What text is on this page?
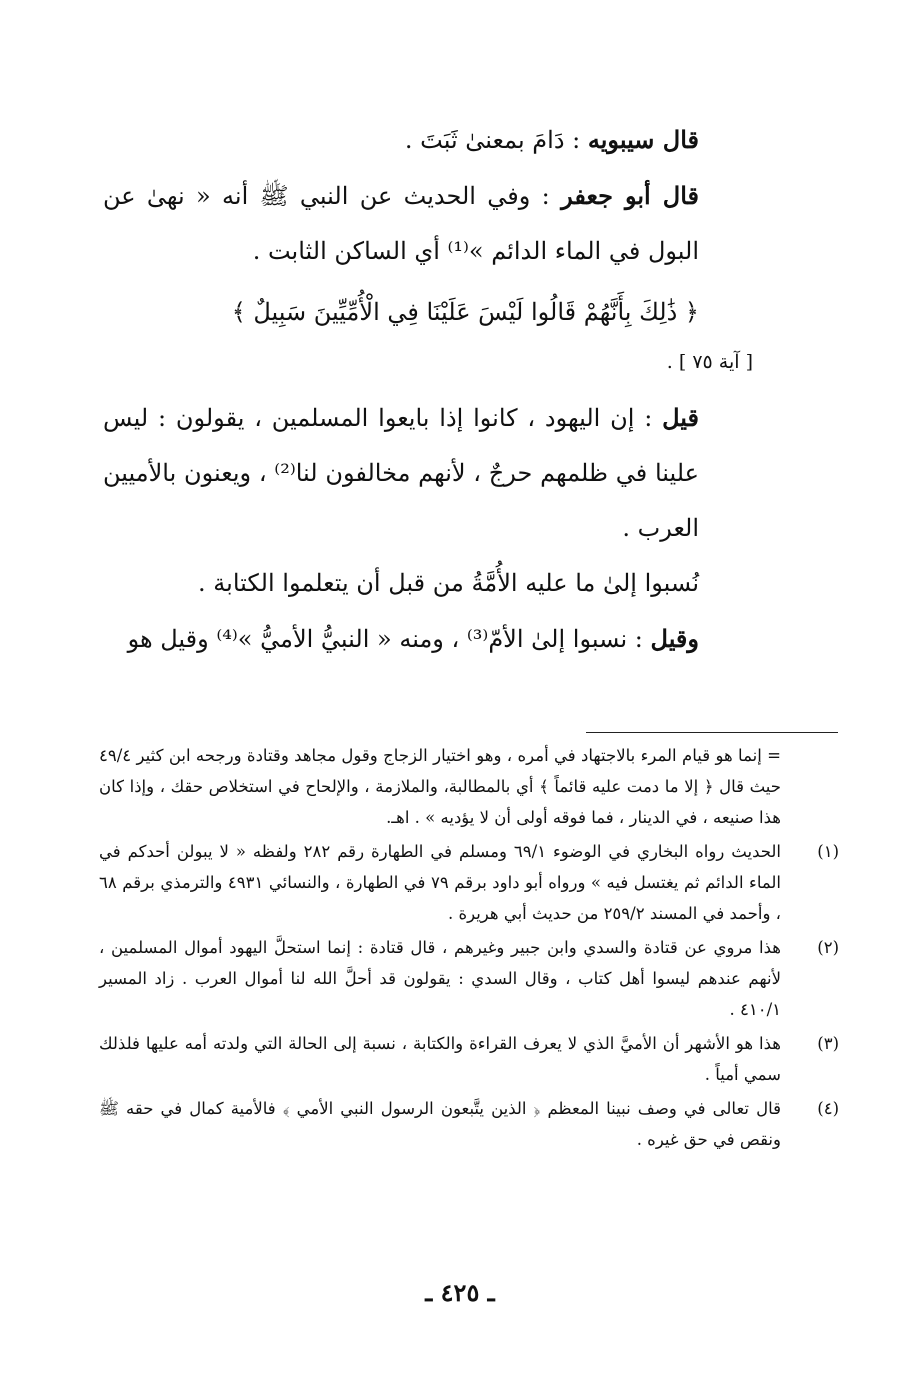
قال سيبويه : دَامَ بمعنىٰ ثَبَتَ .

قال أبو جعفر : وفي الحديث عن النبي ﷺ أنه « نهىٰ عن البول في الماء الدائم »⁽¹⁾ أي الساكن الثابت .

﴿ ذَٰلِكَ بِأَنَّهُمْ قَالُوا لَيْسَ عَلَيْنَا فِي الْأُمِّيِّينَ سَبِيلٌ ﴾

[ آية ٧٥ ] .

قيل : إن اليهود ، كانوا إذا بايعوا المسلمين ، يقولون : ليس علينا في ظلمهم حرجٌ ، لأنهم مخالفون لنا⁽²⁾ ، ويعنون بالأميين العرب .

نُسبوا إلىٰ ما عليه الأُمَّةُ من قبل أن يتعلموا الكتابة .

وقيل : نسبوا إلىٰ الأمّ⁽³⁾ ، ومنه « النبيُّ الأميُّ »⁽⁴⁾ وقيل هو

= إنما هو قيام المرء بالاجتهاد في أمره ، وهو اختيار الزجاج وقول مجاهد وقتادة ورجحه ابن كثير ٤٩/٤ حيث قال ﴿ إلا ما دمت عليه قائماً ﴾ أي بالمطالبة، والملازمة ، والإلحاح في استخلاص حقك ، وإذا كان هذا صنيعه ، في الدينار ، فما فوقه أولى أن لا يؤديه » . اهـ.

(١)
الحديث رواه البخاري في الوضوء ٦٩/١ ومسلم في الطهارة رقم ٢٨٢ ولفظه « لا يبولن أحدكم في الماء الدائم ثم يغتسل فيه » ورواه أبو داود برقم ٧٩ في الطهارة ، والنسائي ٤٩٣١ والترمذي برقم ٦٨ ، وأحمد في المسند ٢٥٩/٢ من حديث أبي هريرة .

(٢)
هذا مروي عن قتادة والسدي وابن جبير وغيرهم ، قال قتادة : إنما استحلَّ اليهود أموال المسلمين ، لأنهم عندهم ليسوا أهل كتاب ، وقال السدي : يقولون قد أحلَّ الله لنا أموال العرب . زاد المسير ٤١٠/١ .

(٣)
هذا هو الأشهر أن الأميَّ الذي لا يعرف القراءة والكتابة ، نسبة إلى الحالة التي ولدته أمه عليها فلذلك سمي أمياً .

(٤)
قال تعالى في وصف نبينا المعظم ﴿ الذين يتَّبعون الرسول النبي الأمي ﴾ فالأمية كمال في حقه ﷺ ونقص في حق غيره .

ـ ٤٢٥ ـ
